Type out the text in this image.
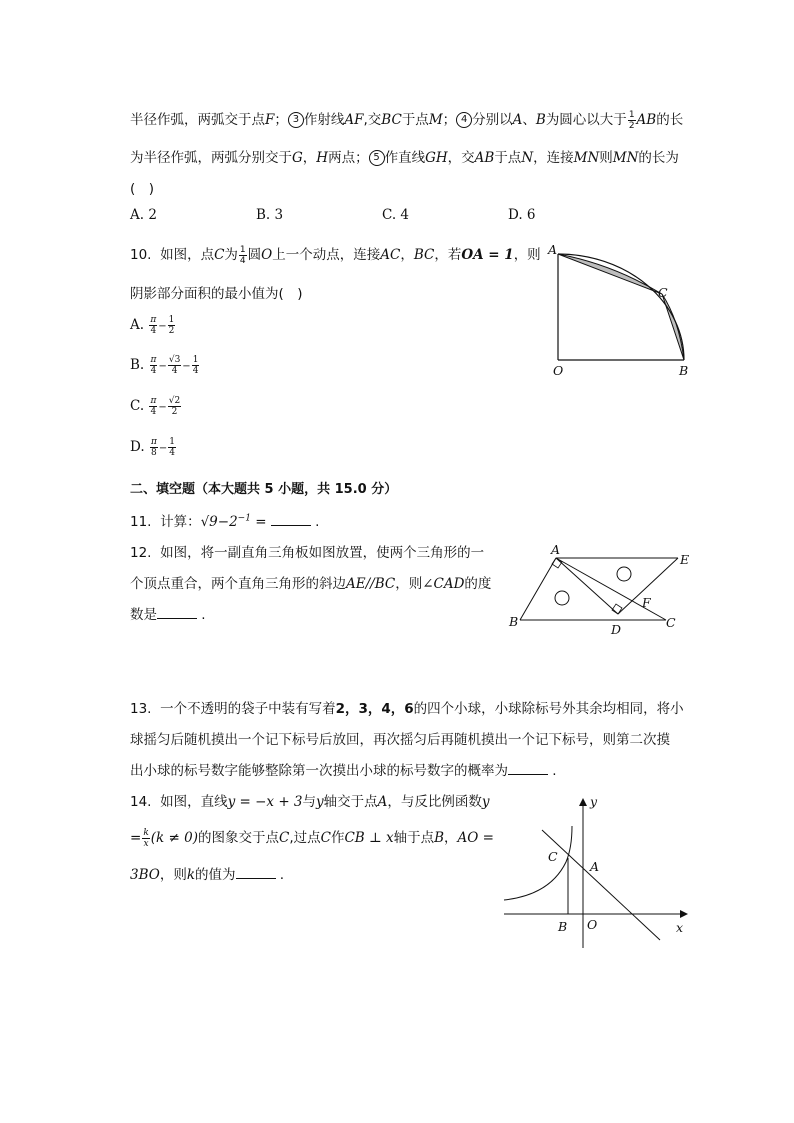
半径作弧，两弧交于点F； 3 作射线AF,交BC于点M； 4 分别以A、B为圆心以大于 $\frac{1}{2}$ AB的长
为半径作弧，两弧分别交于G，H两点； 5 作直线GH，交AB于点N，连接MN则MN的长为
(　)
A. 2	B. 3	C. 4	D. 6
10. 如图，点C为 $\frac{1}{4}$ 圆O上一个动点，连接AC，BC，若OA = 1，则
阴影部分面积的最小值为(　)
A. $\frac{\pi}{4} - \frac{1}{2}$
B. $\frac{\pi}{4} - \frac{√3}{4} - \frac{1}{4}$
C. $\frac{\pi}{4} - \frac{√2}{2}$
D. $\frac{\pi}{8} - \frac{1}{4}$
A
C
O	B
二、填空题（本大题共 5 小题，共 15.0 分）
11. 计算：$√9-2^{-1}$ =	.
12. 如图，将一副直角三角板如图放置，使两个三角形的一
个顶点重合，两个直角三角形的斜边AE//BC，则∠CAD的度
数是	.
A
E
B	C
D
F
13. 一个不透明的袋子中装有写着2，3，4，6的四个小球，小球除标号外其余均相同，将小
球摇匀后随机摸出一个记下标号后放回，再次摇匀后再随机摸出一个记下标号，则第二次摸
出小球的标号数字能够整除第一次摸出小球的标号数字的概率为	.
14. 如图，直线y = −x + 3与y轴交于点A，与反比例函数y
= $\frac{k}{x} (k \ne 0)$的图象交于点C,过点C作CB ⊥ x轴于点B，AO =
3BO，则k的值为	.
y
x
C
A
B O
